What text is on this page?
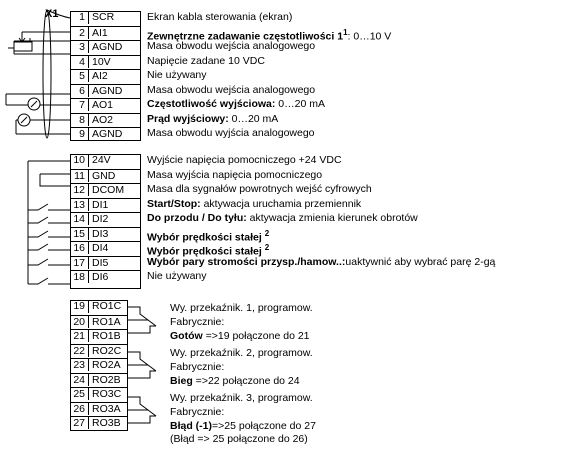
X1	1 SCR	Ekran kabla sterowania (ekran)
2 AI1	Zewnętrzne zadawanie częstotliwości $1^1$: 0…10 V
3 AGND	Masa obwodu wejścia analogowego
4 10V	Napięcie zadane 10 VDC
5 AI2	Nie używany
6 AGND	Masa obwodu wejścia analogowego
7 AO1	Częstotliwość wyjściowa: 0…20 mA
8 AO2	Prąd wyjściowy: 0…20 mA
9 AGND	Masa obwodu wyjścia analogowego
10 24V	Wyjście napięcia pomocniczego +24 VDC
11 GND	Masa wyjścia napięcia pomocniczego
12 DCOM	Masa dla sygnałów powrotnych wejść cyfrowych
13 DI1	Start/Stop: aktywacja uruchamia przemiennik
14 DI2	Do przodu / Do tyłu: aktywacja zmienia kierunek obrotów
15 DI3	Wybór prędkości stałej $^2$
16 DI4	Wybór prędkości stałej $^2$
17 DI5	Wybór pary stromości przysp./hamow..:uaktywnić aby wybrać parę 2-gą
18 DI6	Nie używany
19 RO1C
20 RO1A
21 RO1B
22 RO2C
23 RO2A
24 RO2B
25 RO3C
26 RO3A
27 RO3B
Wy. przekaźnik. 1, programow.
Fabrycznie:
Gotów =>19 połączone do 21
Wy. przekaźnik. 2, programow.
Fabrycznie:
Bieg =>22 połączone do 24
Wy. przekaźnik. 3, programow.
Fabrycznie:
Błąd (-1)=>25 połączone do 27
(Błąd => 25 połączone do 26)
